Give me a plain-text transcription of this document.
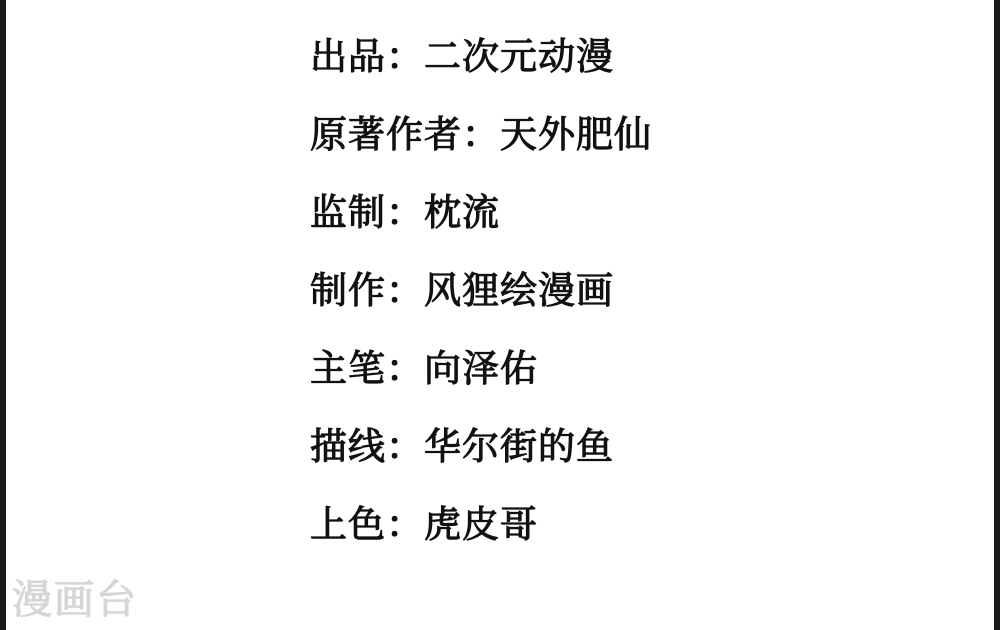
出品：二次元动漫
原著作者：天外肥仙
监制：枕流
制作：风狸绘漫画
主笔：向泽佑
描线：华尔街的鱼
上色：虎皮哥
漫画台
